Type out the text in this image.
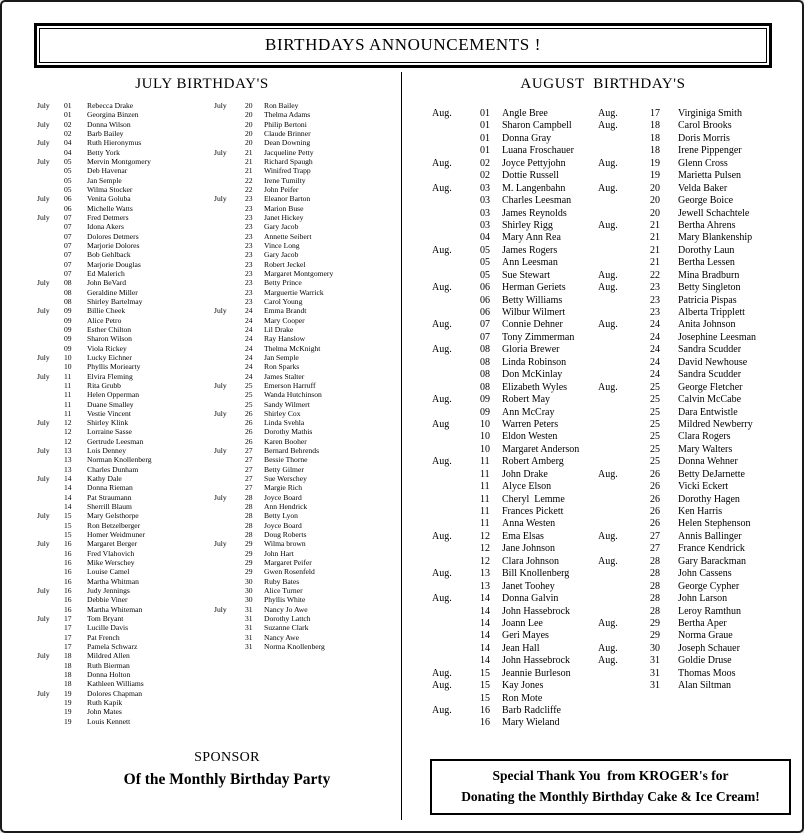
BIRTHDAYS ANNOUNCEMENTS !
JULY BIRTHDAY'S	AUGUST  BIRTHDAY'S
July	01	Rebecca Drake
01	Georgina Binzen
July	02	Donna Wilson
02	Barb Bailey
July	04	Ruth Hieronymus
04	Betty York
July	05	Mervin Montgomery
05	Deb Havenar
05	Jan Semple
05	Wilma Stocker
July	06	Venita Goluba
06	Michelle Watts
July	07	Fred Detmers
07	Idona Akers
07	Dolores Detmers
07	Marjorie Dolores
07	Bob Gehlback
07	Marjorie Douglas
07	Ed Malerich
July	08	John BeVard
08	Geraldine Miller
08	Shirley Bartelmay
July	09	Billie Cheek
09	Alice Petro
09	Esther Chilton
09	Sharon Wilson
09	Viola Rickey
July	10	Lucky Eichner
10	Phyllis Moriearty
July	11	Elvira Fleming
11	Rita Grubb
11	Helen Opperman
11	Duane Smalley
11	Vestie Vincent
July	12	Shirley Klink
12	Lorraine Sasse
12	Gertrude Leesman
July	13	Lois Denney
13	Norman Knollenberg
13	Charles Dunham
July	14	Kathy Dale
14	Donna Rieman
14	Pat Straumann
14	Sherrill Blaum
July	15	Mary Gelsthorpe
15	Ron Betzelberger
15	Homer Weidmuner
July	16	Margaret Berger
16	Fred Vlahovich
16	Mike Werschey
16	Louise Camel
16	Martha Whitman
July	16	Judy Jennings
16	Debbie Viner
16	Martha Whiteman
July	17	Tom Bryant
17	Lucille Davis
17	Pat French
17	Pamela Schwarz
July	18	Mildred Allen
18	Ruth Bierman
18	Donna Holton
18	Kathleen Williams
July	19	Dolores Chapman
19	Ruth Kapik
19	John Mates
19	Louis Kennett
July	20	Ron Bailey
20	Thelma Adams
20	Philip Bertoni
20	Claude Brinner
20	Dean Downing
July	21	Jacqueline Petty
21	Richard Spaugh
21	Winifred Trapp
22	Irene Tumilty
22	John Peifer
July	23	Eleanor Barton
23	Marion Buse
23	Janet Hickey
23	Gary Jacob
23	Annette Seibert
23	Vince Long
23	Gary Jacob
23	Robert Jeckel
23	Margaret Montgomery
23	Betty Prince
23	Marguertie Warrick
23	Carol Young
July	24	Emma Brandt
24	Mary Cooper
24	Lil Drake
24	Ray Hanslow
24	Thelma McKnight
24	Jan Semple
24	Ron Sparks
24	James Stalter
July	25	Emerson Harruff
25	Wanda Hutchinson
25	Sandy Wilmert
July	26	Shirley Cox
26	Linda Svehla
26	Dorothy Mathis
26	Karen Booher
July	27	Bernard Behrends
27	Bessie Thorne
27	Betty Gilmer
27	Sue Werschey
27	Margie Rich
July	28	Joyce Board
28	Ann Hendrick
28	Betty Lyon
28	Joyce Board
28	Doug Roberts
July	29	Wilma brown
29	John Hart
29	Margaret Peifer
29	Gwen Rosenfeld
30	Ruby Bates
30	Alice Turner
30	Phyllis White
July	31	Nancy Jo Awe
31	Dorothy Lattch
31	Suzanne Clark
31	Nancy Awe
31	Norma Knollenberg
Aug.	01	Angle Bree
01	Sharon Campbell
01	Donna Gray
01	Luana Froschauer
Aug.	02	Joyce Pettyjohn
02	Dottie Russell
Aug.	03	M. Langenbahn
03	Charles Leesman
03	James Reynolds
03	Shirley Rigg
04	Mary Ann Rea
Aug.	05	James Rogers
05	Ann Leesman
05	Sue Stewart
Aug.	06	Herman Geriets
06	Betty Williams
06	Wilbur Wilmert
Aug.	07	Connie Dehner
07	Tony Zimmerman
Aug.	08	Gloria Brewer
08	Linda Robinson
08	Don McKinlay
08	Elizabeth Wyles
Aug.	09	Robert May
09	Ann McCray
Aug	10	Warren Peters
10	Eldon Westen
10	Margaret Anderson
Aug.	11	Robert Amberg
11	John Drake
11	Alyce Elson
11	Cheryl  Lemme
11	Frances Pickett
11	Anna Westen
Aug.	12	Ema Elsas
12	Jane Johnson
12	Clara Johnson
Aug.	13	Bill Knollenberg
13	Janet Toohey
Aug.	14	Donna Galvin
14	John Hassebrock
14	Joann Lee
14	Geri Mayes
14	Jean Hall
14	John Hassebrock
Aug.	15	Jeannie Burleson
Aug.	15	Kay Jones
15	Ron Mote
Aug.	16	Barb Radcliffe
16	Mary Wieland
Aug.	17	Virginiga Smith
Aug.	18	Carol Brooks
18	Doris Morris
18	Irene Pippenger
Aug.	19	Glenn Cross
19	Marietta Pulsen
Aug.	20	Velda Baker
20	George Boice
20	Jewell Schachtele
Aug.	21	Bertha Ahrens
21	Mary Blankenship
21	Dorothy Laun
21	Bertha Lessen
Aug.	22	Mina Bradburn
Aug.	23	Betty Singleton
23	Patricia Pispas
23	Alberta Tripplett
Aug.	24	Anita Johnson
24	Josephine Leesman
24	Sandra Scudder
24	David Newhouse
24	Sandra Scudder
Aug.	25	George Fletcher
25	Calvin McCabe
25	Dara Entwistle
25	Mildred Newberry
25	Clara Rogers
25	Mary Walters
25	Donna Wehner
Aug.	26	Betty DeJarnette
26	Vicki Eckert
26	Dorothy Hagen
26	Ken Harris
26	Helen Stephenson
Aug.	27	Annis Ballinger
27	France Kendrick
Aug.	28	Gary Barackman
28	John Cassens
28	George Cypher
28	John Larson
28	Leroy Ramthun
Aug.	29	Bertha Aper
29	Norma Graue
Aug.	30	Joseph Schauer
Aug.	31	Goldie Druse
31	Thomas Moos
31	Alan Siltman
SPONSOR
Of the Monthly Birthday Party	Special Thank You  from KROGER's for
Donating the Monthly Birthday Cake & Ice Cream!
